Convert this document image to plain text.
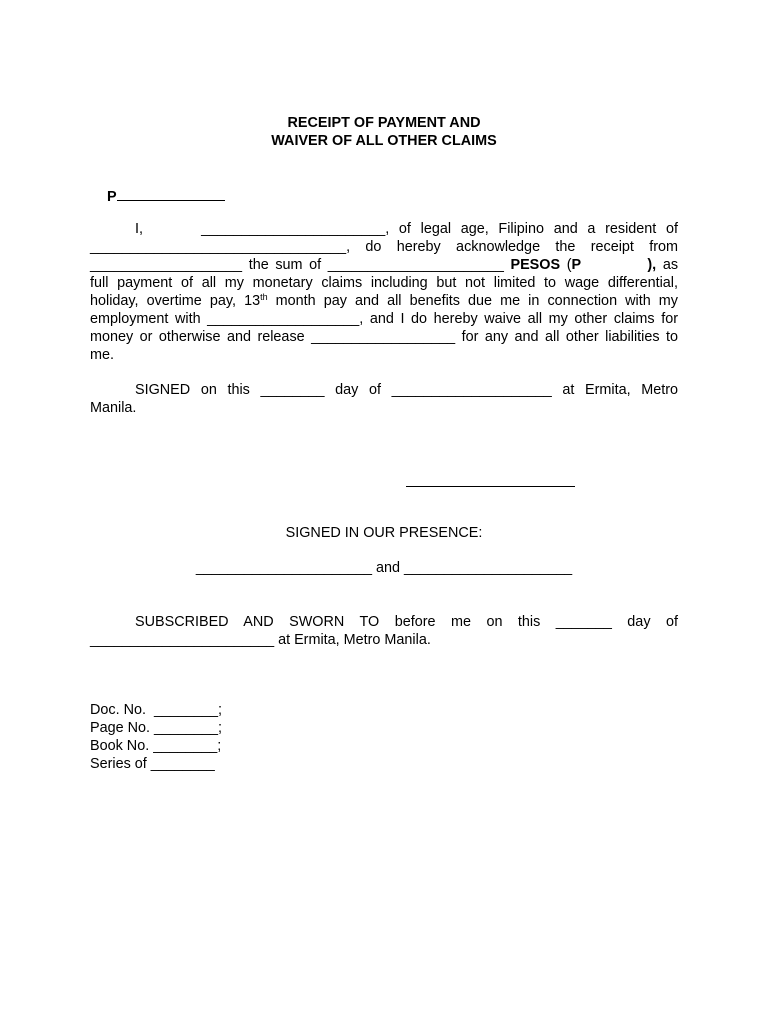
RECEIPT OF PAYMENT AND
WAIVER OF ALL OTHER CLAIMS

P

I,	_______________________, of legal age, Filipino and a resident of
________________________________, do hereby acknowledge the receipt from
___________________ the sum of ______________________ PESOS (P	), as
full payment of all my monetary claims including but not limited to wage differential,
holiday, overtime pay, 13th month pay and all benefits due me in connection with my
employment with ___________________, and I do hereby waive all my other claims for
money or otherwise and release __________________ for any and all other liabilities to
me.
SIGNED on this ________ day of ____________________ at Ermita, Metro
Manila.
SIGNED IN OUR PRESENCE:
______________________ and _____________________
SUBSCRIBED AND SWORN TO before me on this _______ day of
_______________________ at Ermita, Metro Manila.
Doc. No.  ________;
Page No. ________;
Book No. ________;
Series of ________
